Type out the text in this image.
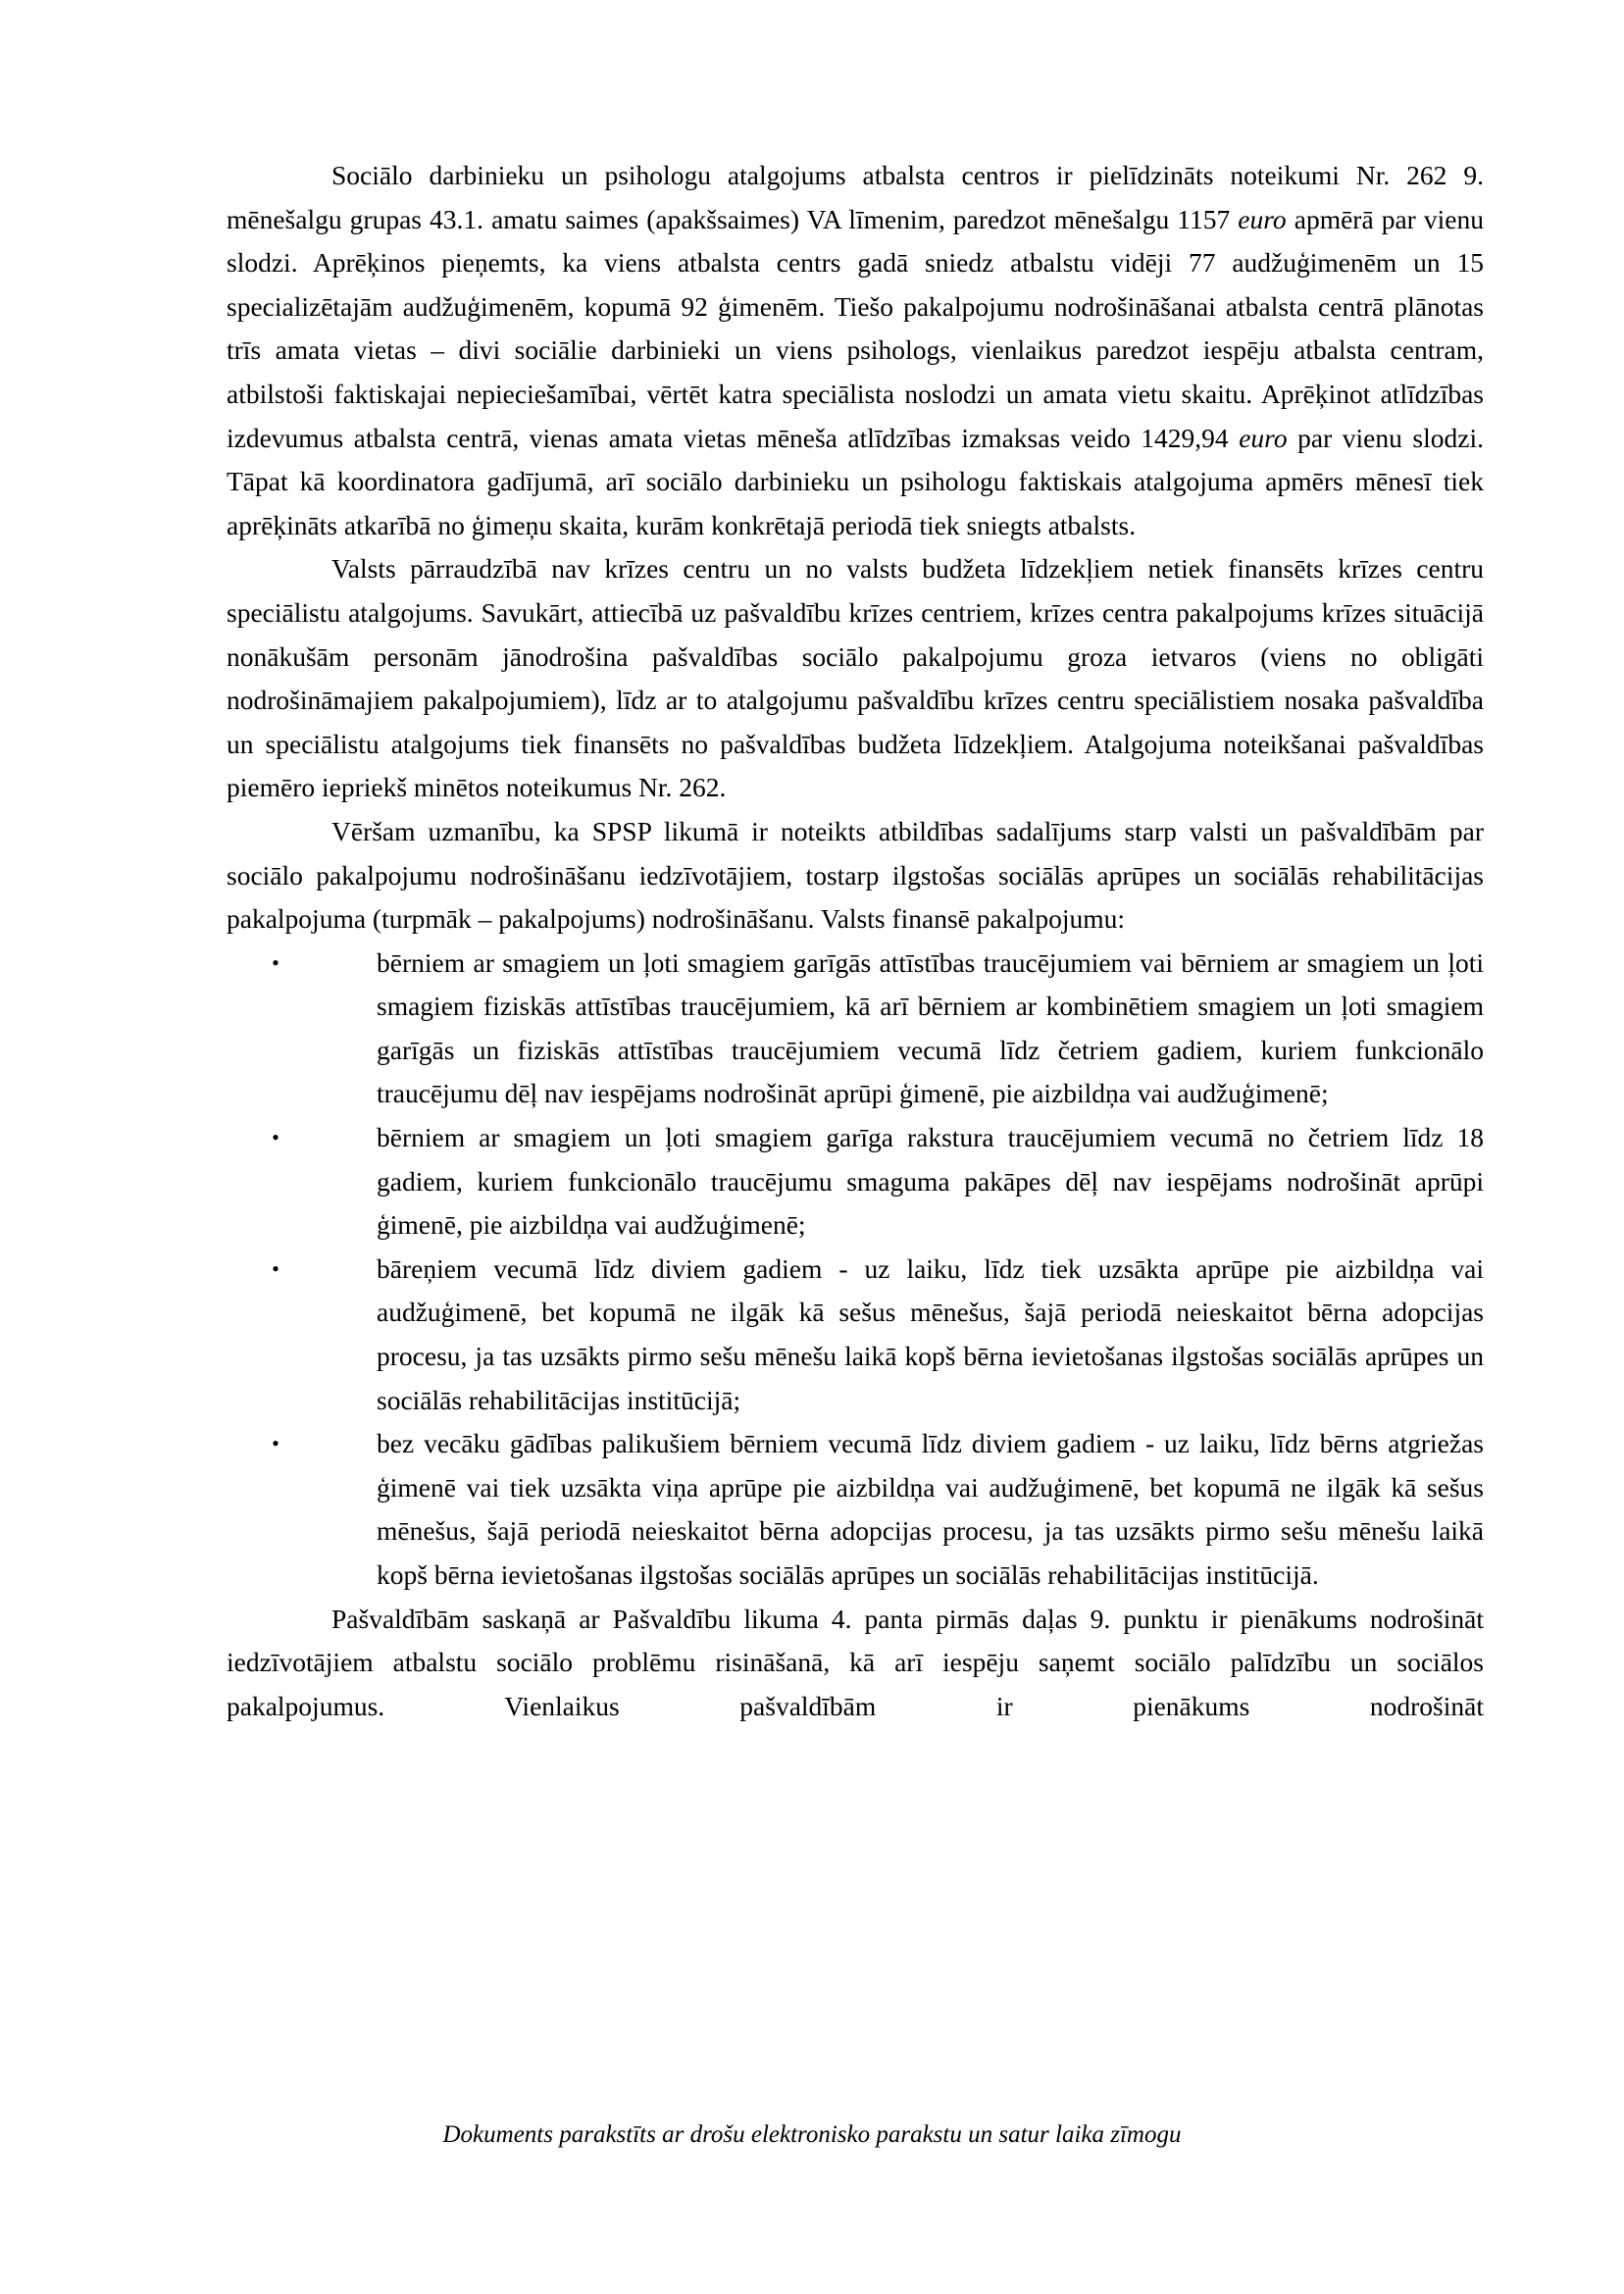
Sociālo darbinieku un psihologu atalgojums atbalsta centros ir pielīdzināts noteikumi Nr. 262 9. mēnešalgu grupas 43.1. amatu saimes (apakšsaimes) VA līmenim, paredzot mēnešalgu 1157 euro apmērā par vienu slodzi. Aprēķinos pieņemts, ka viens atbalsta centrs gadā sniedz atbalstu vidēji 77 audžuģimenēm un 15 specializētajām audžuģimenēm, kopumā 92 ģimenēm. Tiešo pakalpojumu nodrošināšanai atbalsta centrā plānotas trīs amata vietas – divi sociālie darbinieki un viens psihologs, vienlaikus paredzot iespēju atbalsta centram, atbilstoši faktiskajai nepieciešamībai, vērtēt katra speciālista noslodzi un amata vietu skaitu. Aprēķinot atlīdzības izdevumus atbalsta centrā, vienas amata vietas mēneša atlīdzības izmaksas veido 1429,94 euro par vienu slodzi. Tāpat kā koordinatora gadījumā, arī sociālo darbinieku un psihologu faktiskais atalgojuma apmērs mēnesī tiek aprēķināts atkarībā no ģimeņu skaita, kurām konkrētajā periodā tiek sniegts atbalsts.

Valsts pārraudzībā nav krīzes centru un no valsts budžeta līdzekļiem netiek finansēts krīzes centru speciālistu atalgojums. Savukārt, attiecībā uz pašvaldību krīzes centriem, krīzes centra pakalpojums krīzes situācijā nonākušām personām jānodrošina pašvaldības sociālo pakalpojumu groza ietvaros (viens no obligāti nodrošināmajiem pakalpojumiem), līdz ar to atalgojumu pašvaldību krīzes centru speciālistiem nosaka pašvaldība un speciālistu atalgojums tiek finansēts no pašvaldības budžeta līdzekļiem. Atalgojuma noteikšanai pašvaldības piemēro iepriekš minētos noteikumus Nr. 262.

Vēršam uzmanību, ka SPSP likumā ir noteikts atbildības sadalījums starp valsti un pašvaldībām par sociālo pakalpojumu nodrošināšanu iedzīvotājiem, tostarp ilgstošas sociālās aprūpes un sociālās rehabilitācijas pakalpojuma (turpmāk – pakalpojums) nodrošināšanu. Valsts finansē pakalpojumu:

•	bērniem ar smagiem un ļoti smagiem garīgās attīstības traucējumiem vai bērniem ar smagiem un ļoti smagiem fiziskās attīstības traucējumiem, kā arī bērniem ar kombinētiem smagiem un ļoti smagiem garīgās un fiziskās attīstības traucējumiem vecumā līdz četriem gadiem, kuriem funkcionālo traucējumu dēļ nav iespējams nodrošināt aprūpi ģimenē, pie aizbildņa vai audžuģimenē;
•	bērniem ar smagiem un ļoti smagiem garīga rakstura traucējumiem vecumā no četriem līdz 18 gadiem, kuriem funkcionālo traucējumu smaguma pakāpes dēļ nav iespējams nodrošināt aprūpi ģimenē, pie aizbildņa vai audžuģimenē;
•	bāreņiem vecumā līdz diviem gadiem - uz laiku, līdz tiek uzsākta aprūpe pie aizbildņa vai audžuģimenē, bet kopumā ne ilgāk kā sešus mēnešus, šajā periodā neieskaitot bērna adopcijas procesu, ja tas uzsākts pirmo sešu mēnešu laikā kopš bērna ievietošanas ilgstošas sociālās aprūpes un sociālās rehabilitācijas institūcijā;
•	bez vecāku gādības palikušiem bērniem vecumā līdz diviem gadiem - uz laiku, līdz bērns atgriežas ģimenē vai tiek uzsākta viņa aprūpe pie aizbildņa vai audžuģimenē, bet kopumā ne ilgāk kā sešus mēnešus, šajā periodā neieskaitot bērna adopcijas procesu, ja tas uzsākts pirmo sešu mēnešu laikā kopš bērna ievietošanas ilgstošas sociālās aprūpes un sociālās rehabilitācijas institūcijā.

Pašvaldībām saskaņā ar Pašvaldību likuma 4. panta pirmās daļas 9. punktu ir pienākums nodrošināt iedzīvotājiem atbalstu sociālo problēmu risināšanā, kā arī iespēju saņemt sociālo palīdzību un sociālos pakalpojumus. Vienlaikus pašvaldībām ir pienākums nodrošināt

Dokuments parakstīts ar drošu elektronisko parakstu un satur laika zīmogu
